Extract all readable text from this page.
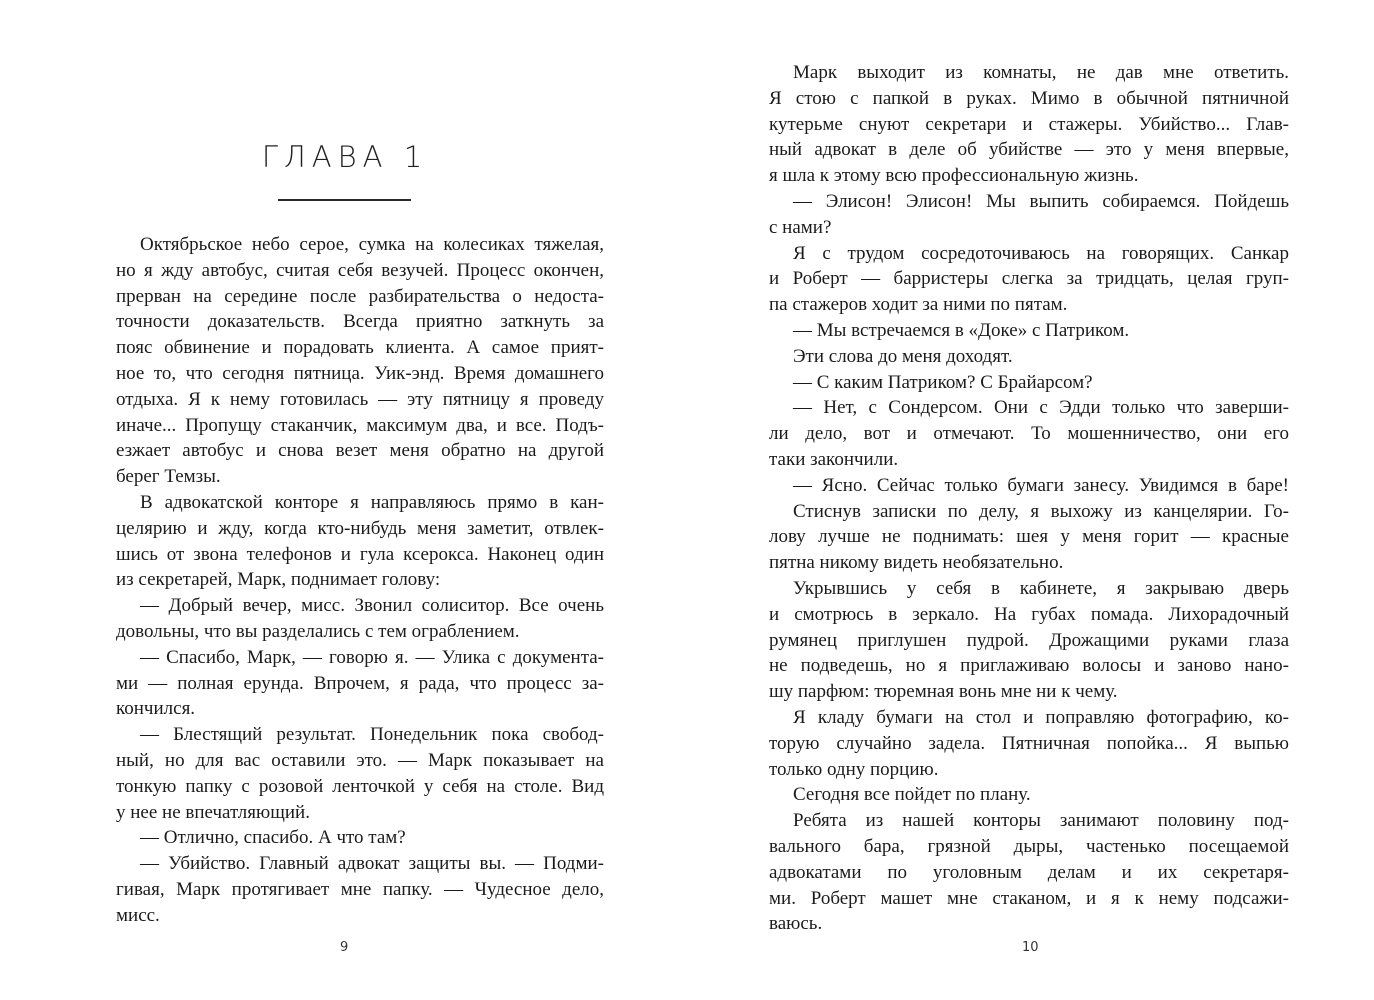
ГЛАВА 1
Октябрьское небо серое, сумка на колесиках тяжелая,
но я жду автобус, считая себя везучей. Процесс окончен,
прерван на середине после разбирательства о недоста-
точности доказательств. Всегда приятно заткнуть за
пояс обвинение и порадовать клиента. А самое прият-
ное то, что сегодня пятница. Уик-энд. Время домашнего
отдыха. Я к нему готовилась — эту пятницу я проведу
иначе... Пропущу стаканчик, максимум два, и все. Подъ-
езжает автобус и снова везет меня обратно на другой
берег Темзы.
В адвокатской конторе я направляюсь прямо в кан-
целярию и жду, когда кто-нибудь меня заметит, отвлек-
шись от звона телефонов и гула ксерокса. Наконец один
из секретарей, Марк, поднимает голову:
— Добрый вечер, мисс. Звонил солиситор. Все очень
довольны, что вы разделались с тем ограблением.
— Спасибо, Марк, — говорю я. — Улика с документа-
ми — полная ерунда. Впрочем, я рада, что процесс за-
кончился.
— Блестящий результат. Понедельник пока свобод-
ный, но для вас оставили это. — Марк показывает на
тонкую папку с розовой ленточкой у себя на столе. Вид
у нее не впечатляющий.
— Отлично, спасибо. А что там?
— Убийство. Главный адвокат защиты вы. — Подми-
гивая, Марк протягивает мне папку. — Чудесное дело,
мисс.
9
Марк выходит из комнаты, не дав мне ответить.
Я стою с папкой в руках. Мимо в обычной пятничной
кутерьме снуют секретари и стажеры. Убийство... Глав-
ный адвокат в деле об убийстве — это у меня впервые,
я шла к этому всю профессиональную жизнь.
— Элисон! Элисон! Мы выпить собираемся. Пойдешь
с нами?
Я с трудом сосредоточиваюсь на говорящих. Санкар
и Роберт — барристеры слегка за тридцать, целая груп-
па стажеров ходит за ними по пятам.
— Мы встречаемся в «Доке» с Патриком.
Эти слова до меня доходят.
— С каким Патриком? С Брайарсом?
— Нет, с Сондерсом. Они с Эдди только что заверши-
ли дело, вот и отмечают. То мошенничество, они его
таки закончили.
— Ясно. Сейчас только бумаги занесу. Увидимся в баре!
Стиснув записки по делу, я выхожу из канцелярии. Го-
лову лучше не поднимать: шея у меня горит — красные
пятна никому видеть необязательно.
Укрывшись у себя в кабинете, я закрываю дверь
и смотрюсь в зеркало. На губах помада. Лихорадочный
румянец приглушен пудрой. Дрожащими руками глаза
не подведешь, но я приглаживаю волосы и заново нано-
шу парфюм: тюремная вонь мне ни к чему.
Я кладу бумаги на стол и поправляю фотографию, ко-
торую случайно задела. Пятничная попойка... Я выпью
только одну порцию.
Сегодня все пойдет по плану.
Ребята из нашей конторы занимают половину под-
вального бара, грязной дыры, частенько посещаемой
адвокатами по уголовным делам и их секретаря-
ми. Роберт машет мне стаканом, и я к нему подсажи-
ваюсь.
10
